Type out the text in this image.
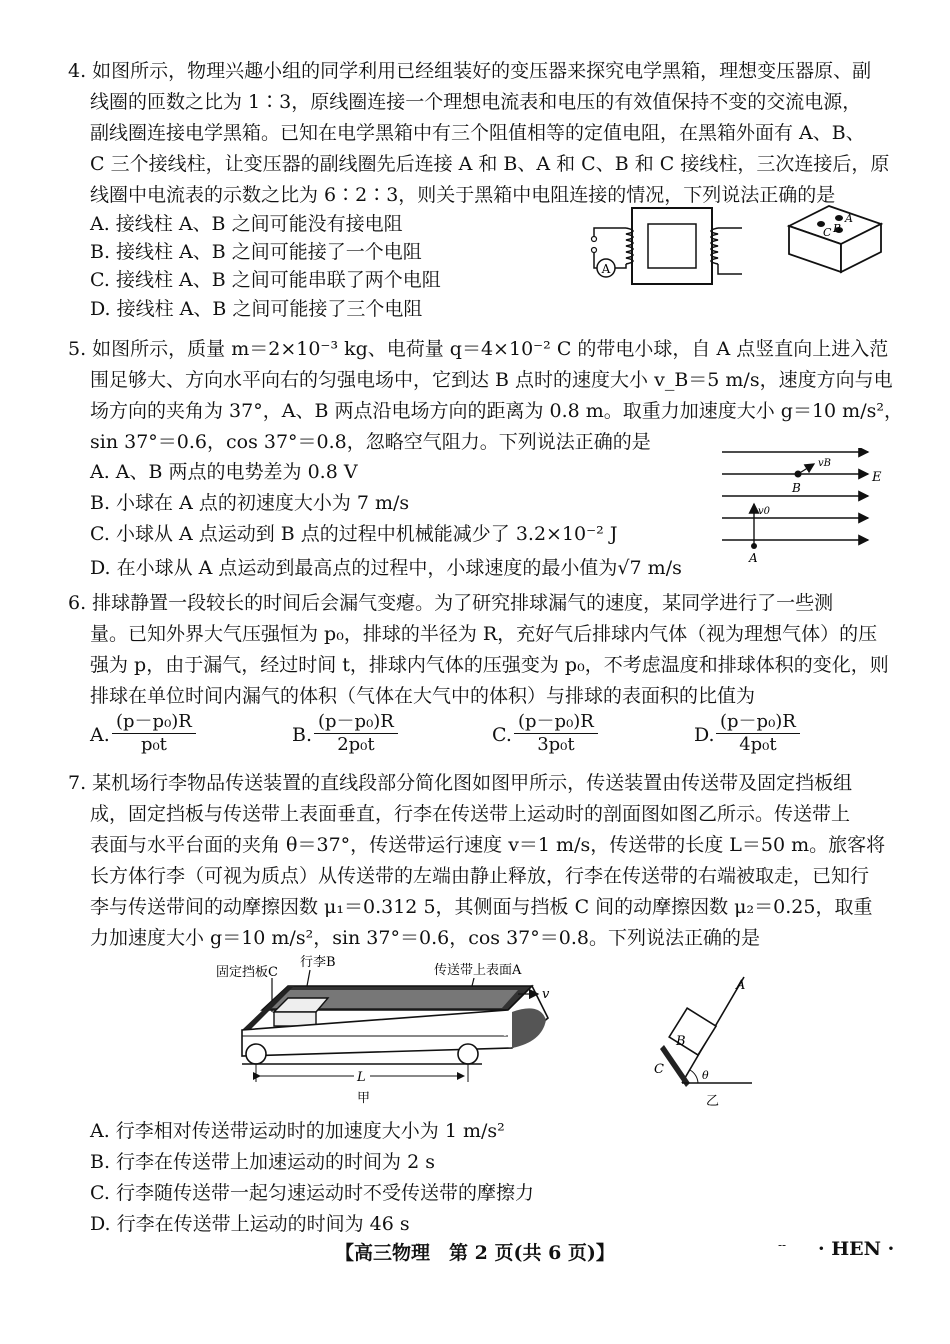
4. 如图所示，物理兴趣小组的同学利用已经组装好的变压器来探究电学黑箱，理想变压器原、副
线圈的匝数之比为 1∶3，原线圈连接一个理想电流表和电压的有效值保持不变的交流电源，
副线圈连接电学黑箱。已知在电学黑箱中有三个阻值相等的定值电阻，在黑箱外面有 A、B、
C 三个接线柱，让变压器的副线圈先后连接 A 和 B、A 和 C、B 和 C 接线柱，三次连接后，原
线圈中电流表的示数之比为 6∶2∶3，则关于黑箱中电阻连接的情况，下列说法正确的是
A. 接线柱 A、B 之间可能没有接电阻
B. 接线柱 A、B 之间可能接了一个电阻
C. 接线柱 A、B 之间可能串联了两个电阻
D. 接线柱 A、B 之间可能接了三个电阻
A
A
B
C
5. 如图所示，质量 m＝2×10⁻³ kg、电荷量 q＝4×10⁻² C 的带电小球，自 A 点竖直向上进入范
围足够大、方向水平向右的匀强电场中，它到达 B 点时的速度大小 v_B＝5 m/s，速度方向与电
场方向的夹角为 37°，A、B 两点沿电场方向的距离为 0.8 m。取重力加速度大小 g＝10 m/s²，
sin 37°＝0.6，cos 37°＝0.8，忽略空气阻力。下列说法正确的是
A. A、B 两点的电势差为 0.8 V
B. 小球在 A 点的初速度大小为 7 m/s
C. 小球从 A 点运动到 B 点的过程中机械能减少了 3.2×10⁻² J
D. 在小球从 A 点运动到最高点的过程中，小球速度的最小值为√7 m/s
E
vB
B
v0
A
6. 排球静置一段较长的时间后会漏气变瘪。为了研究排球漏气的速度，某同学进行了一些测
量。已知外界大气压强恒为 p₀，排球的半径为 R，充好气后排球内气体（视为理想气体）的压
强为 p，由于漏气，经过时间 t，排球内气体的压强变为 p₀，不考虑温度和排球体积的变化，则
排球在单位时间内漏气的体积（气体在大气中的体积）与排球的表面积的比值为
A. $\frac{\text{(p－p₀)R}}{\text{p₀t}}$	B. $\frac{\text{(p－p₀)R}}{\text{2p₀t}}$	C. $\frac{\text{(p－p₀)R}}{\text{3p₀t}}$	D. $\frac{\text{(p－p₀)R}}{\text{4p₀t}}$
7. 某机场行李物品传送装置的直线段部分简化图如图甲所示，传送装置由传送带及固定挡板组
成，固定挡板与传送带上表面垂直，行李在传送带上运动时的剖面图如图乙所示。传送带上
表面与水平台面的夹角 θ＝37°，传送带运行速度 v＝1 m/s，传送带的长度 L＝50 m。旅客将
长方体行李（可视为质点）从传送带的左端由静止释放，行李在传送带的右端被取走，已知行
李与传送带间的动摩擦因数 μ₁＝0.312 5，其侧面与挡板 C 间的动摩擦因数 μ₂＝0.25，取重
力加速度大小 g＝10 m/s²，sin 37°＝0.6，cos 37°＝0.8。下列说法正确的是
固定挡板C
行李B
传送带上表面A
θ
v
L
甲
A
B
C	θ
乙
A. 行李相对传送带运动时的加速度大小为 1 m/s²
B. 行李在传送带上加速运动的时间为 2 s
C. 行李随传送带一起匀速运动时不受传送带的摩擦力
D. 行李在传送带上运动的时间为 46 s
【高三物理　第 2 页(共 6 页)】	-- · HEN ·
